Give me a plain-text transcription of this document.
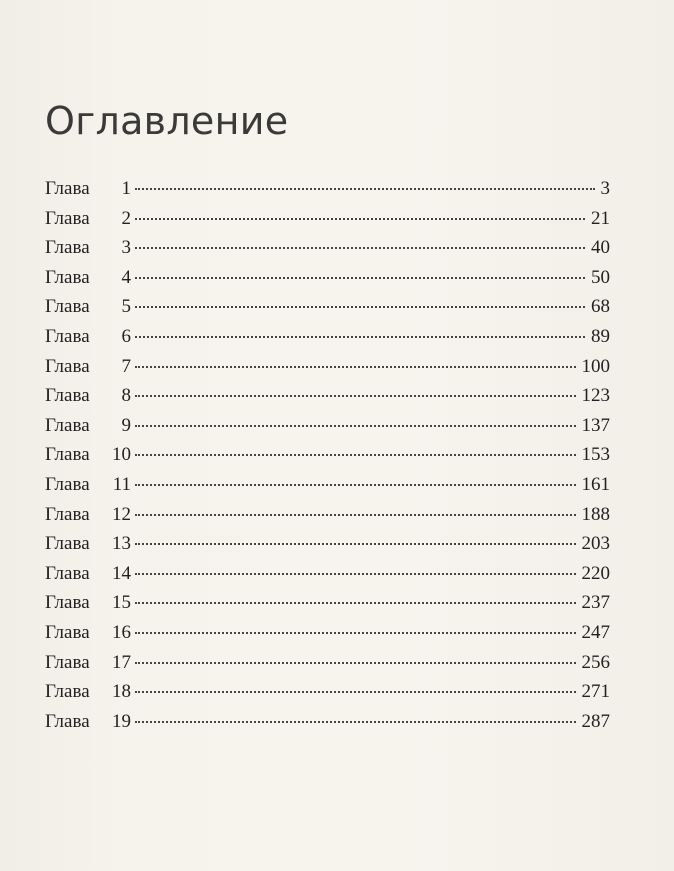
Оглавление
Глава	1	3
Глава	2	21
Глава	3	40
Глава	4	50
Глава	5	68
Глава	6	89
Глава	7	100
Глава	8	123
Глава	9	137
Глава	10	153
Глава	11	161
Глава	12	188
Глава	13	203
Глава	14	220
Глава	15	237
Глава	16	247
Глава	17	256
Глава	18	271
Глава	19	287
